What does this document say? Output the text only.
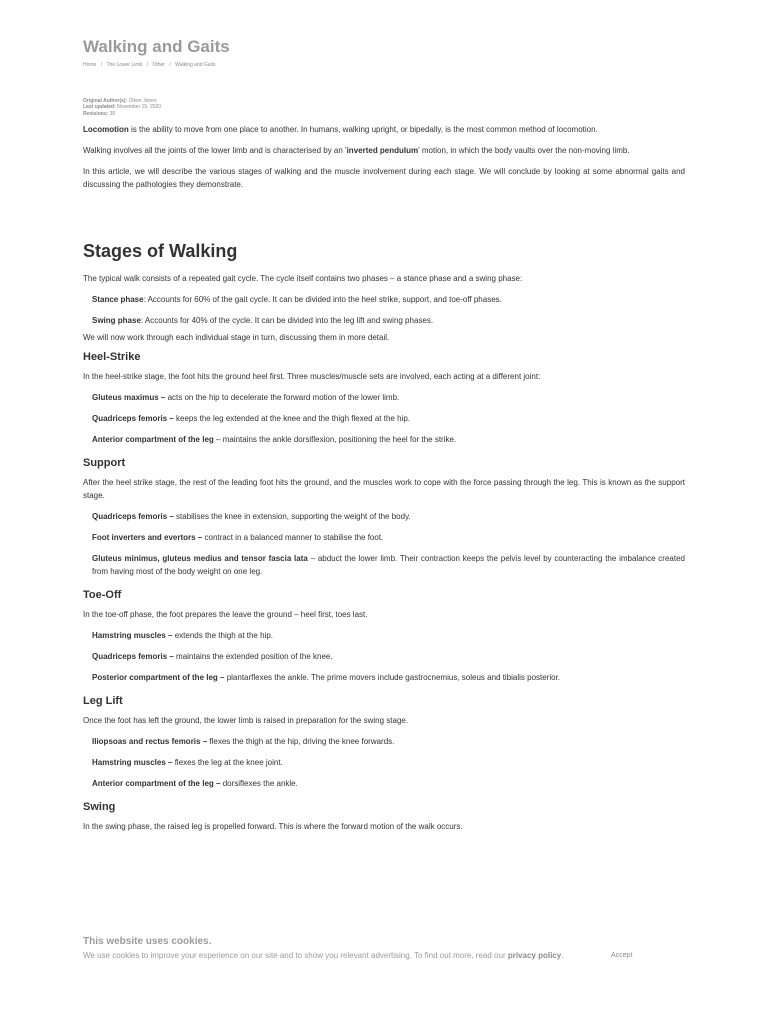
Walking and Gaits
Home / The Lower Limb / Other / Walking and Gaits
Original Author(s): Oliver Jones
Last updated: November 15, 2020
Revisions: 30

Locomotion is the ability to move from one place to another. In humans, walking upright, or bipedally, is the most common method of locomotion.

Walking involves all the joints of the lower limb and is characterised by an 'inverted pendulum' motion, in which the body vaults over the non-moving limb.

In this article, we will describe the various stages of walking and the muscle involvement during each stage. We will conclude by looking at some abnormal gaits and discussing the pathologies they demonstrate.

Stages of Walking

The typical walk consists of a repeated gait cycle. The cycle itself contains two phases – a stance phase and a swing phase:

Stance phase: Accounts for 60% of the gait cycle. It can be divided into the heel strike, support, and toe-off phases.

Swing phase: Accounts for 40% of the cycle. It can be divided into the leg lift and swing phases.

We will now work through each individual stage in turn, discussing them in more detail.

Heel-Strike

In the heel-strike stage, the foot hits the ground heel first. Three muscles/muscle sets are involved, each acting at a different joint:

Gluteus maximus – acts on the hip to decelerate the forward motion of the lower limb.

Quadriceps femoris – keeps the leg extended at the knee and the thigh flexed at the hip.

Anterior compartment of the leg – maintains the ankle dorsiflexion, positioning the heel for the strike.

Support

After the heel strike stage, the rest of the leading foot hits the ground, and the muscles work to cope with the force passing through the leg. This is known as the support stage.

Quadriceps femoris – stabilises the knee in extension, supporting the weight of the body.

Foot inverters and evertors – contract in a balanced manner to stabilise the foot.

Gluteus minimus, gluteus medius and tensor fascia lata – abduct the lower limb. Their contraction keeps the pelvis level by counteracting the imbalance created from having most of the body weight on one leg.

Toe-Off

In the toe-off phase, the foot prepares the leave the ground – heel first, toes last.

Hamstring muscles – extends the thigh at the hip.

Quadriceps femoris – maintains the extended position of the knee.

Posterior compartment of the leg – plantarflexes the ankle. The prime movers include gastrocnemius, soleus and tibialis posterior.

Leg Lift

Once the foot has left the ground, the lower limb is raised in preparation for the swing stage.

Iliopsoas and rectus femoris – flexes the thigh at the hip, driving the knee forwards.

Hamstring muscles – flexes the leg at the knee joint.

Anterior compartment of the leg – dorsiflexes the ankle.

Swing

In the swing phase, the raised leg is propelled forward. This is where the forward motion of the walk occurs.

This website uses cookies.
We use cookies to improve your experience on our site and to show you relevant advertising. To find out more, read our privacy policy.	Accept
